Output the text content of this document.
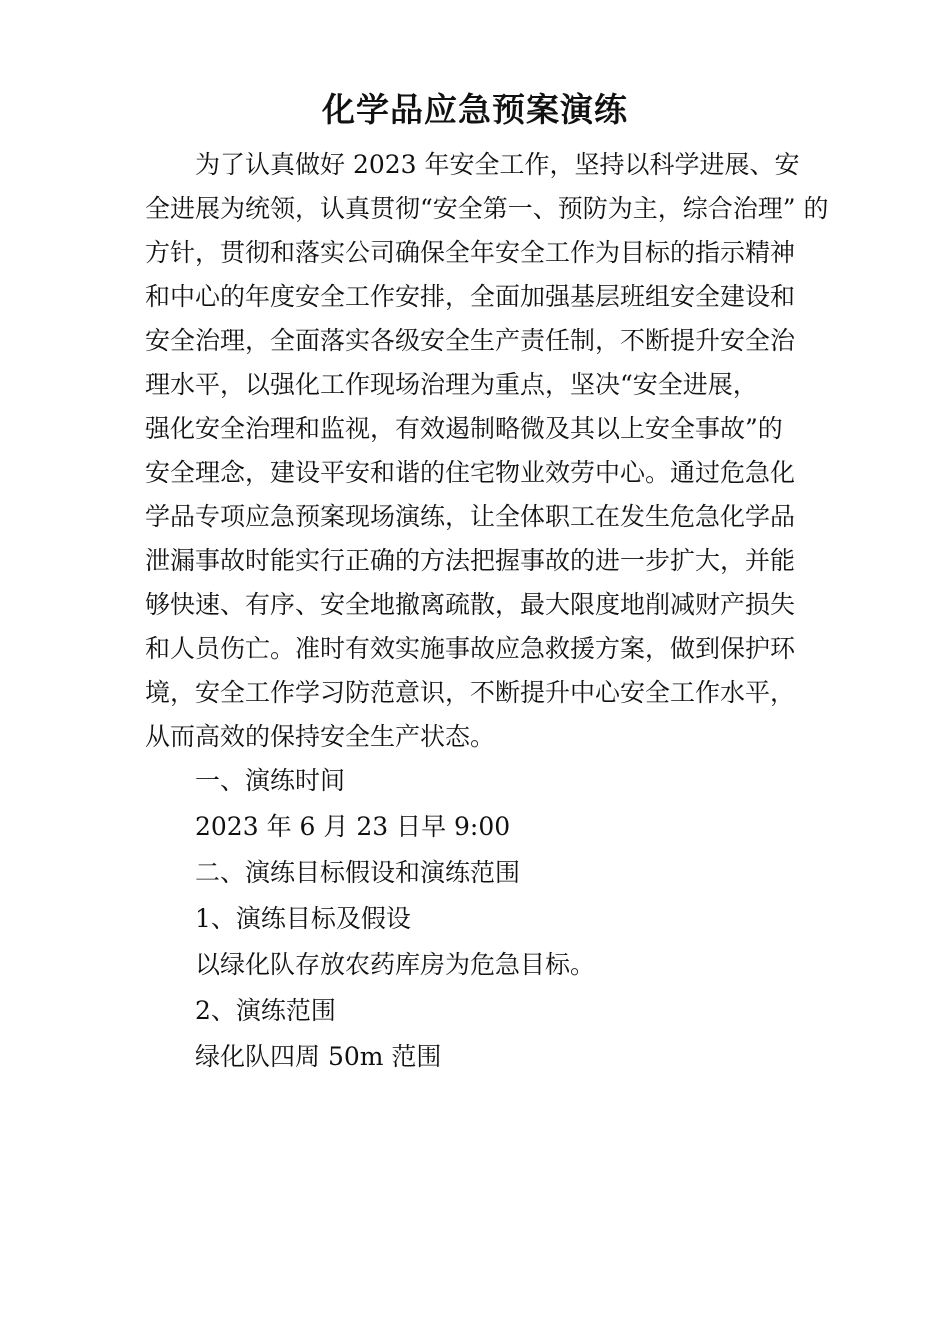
化学品应急预案演练
为了认真做好 2023 年安全工作，坚持以科学进展、安
全进展为统领，认真贯彻“安全第一、预防为主，综合治理” 的
方针，贯彻和落实公司确保全年安全工作为目标的指示精神
和中心的年度安全工作安排，全面加强基层班组安全建设和
安全治理，全面落实各级安全生产责任制，不断提升安全治
理水平，以强化工作现场治理为重点，坚决“安全进展，
强化安全治理和监视，有效遏制略微及其以上安全事故”的
安全理念，建设平安和谐的住宅物业效劳中心。通过危急化
学品专项应急预案现场演练，让全体职工在发生危急化学品
泄漏事故时能实行正确的方法把握事故的进一步扩大，并能
够快速、有序、安全地撤离疏散，最大限度地削减财产损失
和人员伤亡。准时有效实施事故应急救援方案，做到保护环
境，安全工作学习防范意识，不断提升中心安全工作水平，
从而高效的保持安全生产状态。
一、演练时间
2023 年 6 月 23 日早 9:00
二、演练目标假设和演练范围
1、演练目标及假设
以绿化队存放农药库房为危急目标。
2、演练范围
绿化队四周 50m 范围
